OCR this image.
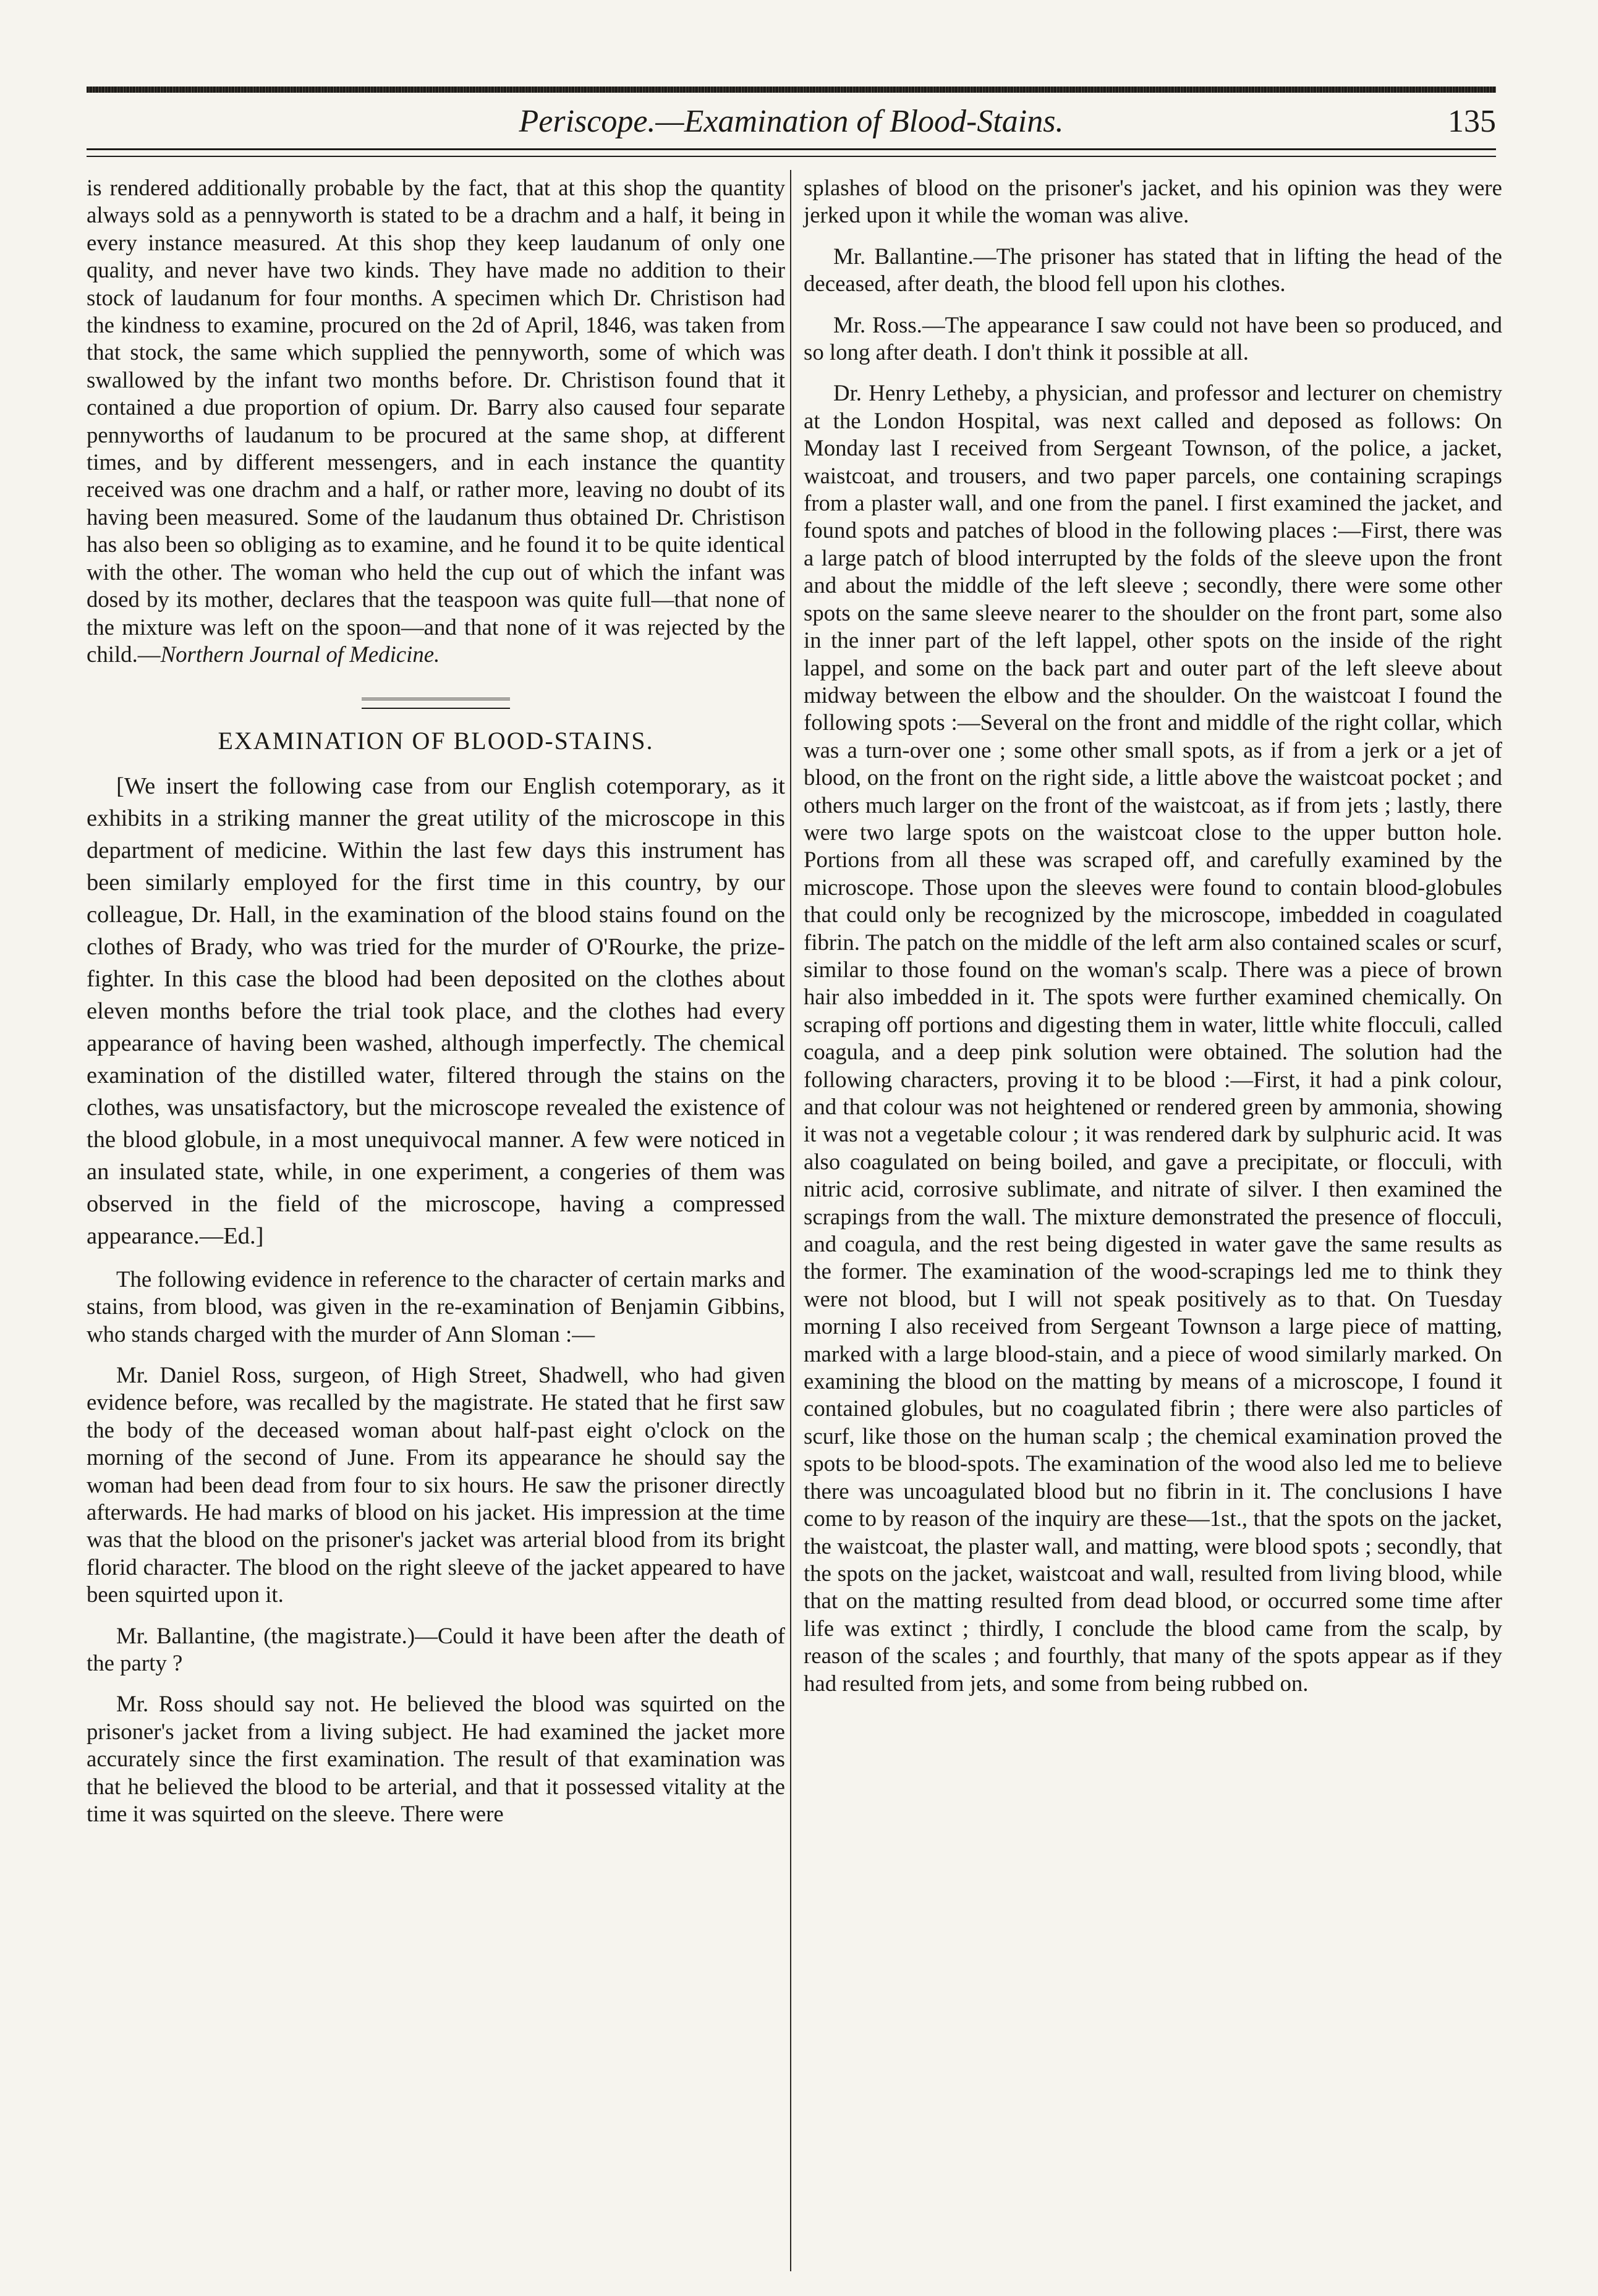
Periscope.—Examination of Blood-Stains.	135

is rendered additionally probable by the fact, that at this shop the quantity always sold as a pennyworth is stated to be a drachm and a half, it being in every instance measured. At this shop they keep laudanum of only one quality, and never have two kinds. They have made no addition to their stock of laudanum for four months. A specimen which Dr. Christison had the kindness to examine, procured on the 2d of April, 1846, was taken from that stock, the same which supplied the pennyworth, some of which was swallowed by the infant two months before. Dr. Christison found that it contained a due proportion of opium. Dr. Barry also caused four separate pennyworths of laudanum to be procured at the same shop, at different times, and by different messengers, and in each instance the quantity received was one drachm and a half, or rather more, leaving no doubt of its having been measured. Some of the laudanum thus obtained Dr. Christison has also been so obliging as to examine, and he found it to be quite identical with the other. The woman who held the cup out of which the infant was dosed by its mother, declares that the teaspoon was quite full—that none of the mixture was left on the spoon—and that none of it was rejected by the child.—Northern Journal of Medicine.

EXAMINATION OF BLOOD-STAINS.

[We insert the following case from our English cotemporary, as it exhibits in a striking manner the great utility of the microscope in this department of medicine. Within the last few days this instrument has been similarly employed for the first time in this country, by our colleague, Dr. Hall, in the examination of the blood stains found on the clothes of Brady, who was tried for the murder of O'Rourke, the prize-fighter. In this case the blood had been deposited on the clothes about eleven months before the trial took place, and the clothes had every appearance of having been washed, although imperfectly. The chemical examination of the distilled water, filtered through the stains on the clothes, was unsatisfactory, but the microscope revealed the existence of the blood globule, in a most unequivocal manner. A few were noticed in an insulated state, while, in one experiment, a congeries of them was observed in the field of the microscope, having a compressed appearance.—Ed.]

The following evidence in reference to the character of certain marks and stains, from blood, was given in the re-examination of Benjamin Gibbins, who stands charged with the murder of Ann Sloman :—

Mr. Daniel Ross, surgeon, of High Street, Shadwell, who had given evidence before, was recalled by the magistrate. He stated that he first saw the body of the deceased woman about half-past eight o'clock on the morning of the second of June. From its appearance he should say the woman had been dead from four to six hours. He saw the prisoner directly afterwards. He had marks of blood on his jacket. His impression at the time was that the blood on the prisoner's jacket was arterial blood from its bright florid character. The blood on the right sleeve of the jacket appeared to have been squirted upon it.

Mr. Ballantine, (the magistrate.)—Could it have been after the death of the party ?

Mr. Ross should say not. He believed the blood was squirted on the prisoner's jacket from a living subject. He had examined the jacket more accurately since the first examination. The result of that examination was that he believed the blood to be arterial, and that it possessed vitality at the time it was squirted on the sleeve. There were

splashes of blood on the prisoner's jacket, and his opinion was they were jerked upon it while the woman was alive.

Mr. Ballantine.—The prisoner has stated that in lifting the head of the deceased, after death, the blood fell upon his clothes.

Mr. Ross.—The appearance I saw could not have been so produced, and so long after death. I don't think it possible at all.

Dr. Henry Letheby, a physician, and professor and lecturer on chemistry at the London Hospital, was next called and deposed as follows: On Monday last I received from Sergeant Townson, of the police, a jacket, waistcoat, and trousers, and two paper parcels, one containing scrapings from a plaster wall, and one from the panel. I first examined the jacket, and found spots and patches of blood in the following places :—First, there was a large patch of blood interrupted by the folds of the sleeve upon the front and about the middle of the left sleeve ; secondly, there were some other spots on the same sleeve nearer to the shoulder on the front part, some also in the inner part of the left lappel, other spots on the inside of the right lappel, and some on the back part and outer part of the left sleeve about midway between the elbow and the shoulder. On the waistcoat I found the following spots :—Several on the front and middle of the right collar, which was a turn-over one ; some other small spots, as if from a jerk or a jet of blood, on the front on the right side, a little above the waistcoat pocket ; and others much larger on the front of the waistcoat, as if from jets ; lastly, there were two large spots on the waistcoat close to the upper button hole. Portions from all these was scraped off, and carefully examined by the microscope. Those upon the sleeves were found to contain blood-globules that could only be recognized by the microscope, imbedded in coagulated fibrin. The patch on the middle of the left arm also contained scales or scurf, similar to those found on the woman's scalp. There was a piece of brown hair also imbedded in it. The spots were further examined chemically. On scraping off portions and digesting them in water, little white flocculi, called coagula, and a deep pink solution were obtained. The solution had the following characters, proving it to be blood :—First, it had a pink colour, and that colour was not heightened or rendered green by ammonia, showing it was not a vegetable colour ; it was rendered dark by sulphuric acid. It was also coagulated on being boiled, and gave a precipitate, or flocculi, with nitric acid, corrosive sublimate, and nitrate of silver. I then examined the scrapings from the wall. The mixture demonstrated the presence of flocculi, and coagula, and the rest being digested in water gave the same results as the former. The examination of the wood-scrapings led me to think they were not blood, but I will not speak positively as to that. On Tuesday morning I also received from Sergeant Townson a large piece of matting, marked with a large blood-stain, and a piece of wood similarly marked. On examining the blood on the matting by means of a microscope, I found it contained globules, but no coagulated fibrin ; there were also particles of scurf, like those on the human scalp ; the chemical examination proved the spots to be blood-spots. The examination of the wood also led me to believe there was uncoagulated blood but no fibrin in it. The conclusions I have come to by reason of the inquiry are these—1st., that the spots on the jacket, the waistcoat, the plaster wall, and matting, were blood spots ; secondly, that the spots on the jacket, waistcoat and wall, resulted from living blood, while that on the matting resulted from dead blood, or occurred some time after life was extinct ; thirdly, I conclude the blood came from the scalp, by reason of the scales ; and fourthly, that many of the spots appear as if they had resulted from jets, and some from being rubbed on.
